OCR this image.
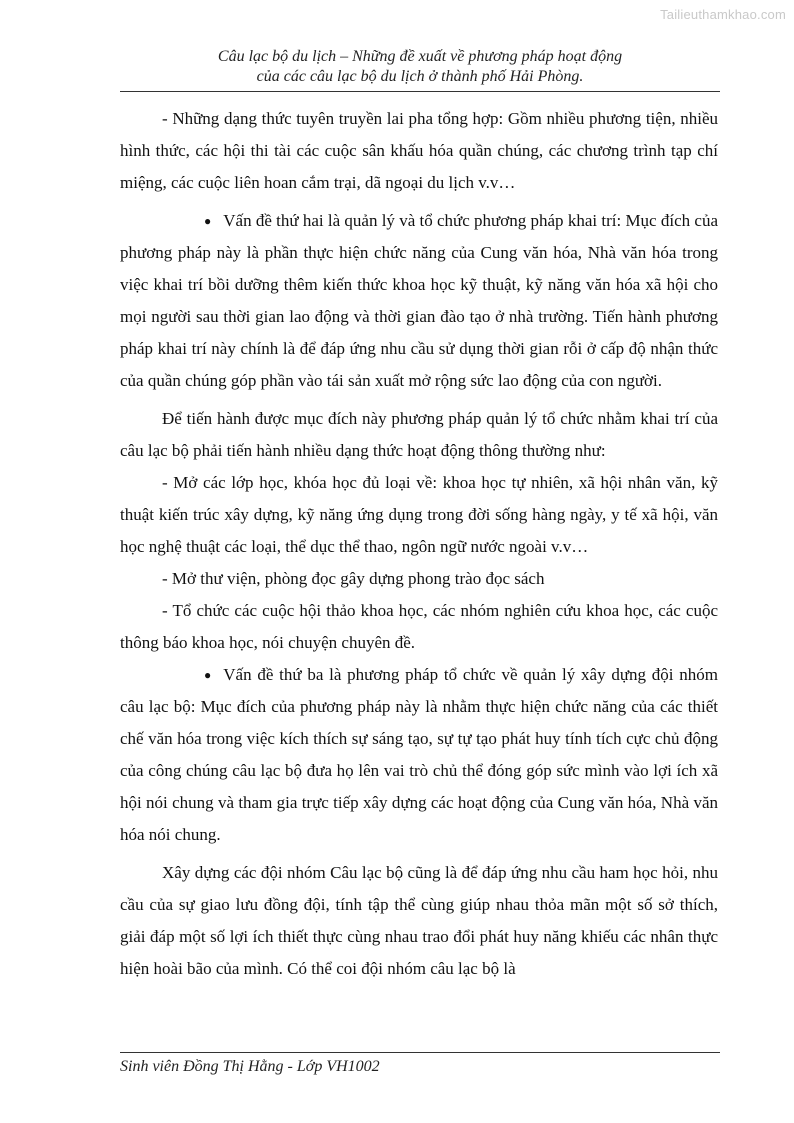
Tailieuthamkhao.com
Câu lạc bộ du lịch – Những đề xuất về phương pháp hoạt động
của các câu lạc bộ du lịch ở thành phố Hải Phòng.

- Những dạng thức tuyên truyền lai pha tổng hợp: Gồm nhiều phương tiện, nhiều hình thức, các hội thi tài các cuộc sân khấu hóa quần chúng, các chương trình tạp chí miệng, các cuộc liên hoan cắm trại, dã ngoại du lịch v.v…

● Vấn đề thứ hai là quản lý và tổ chức phương pháp khai trí: Mục đích của phương pháp này là phần thực hiện chức năng của Cung văn hóa, Nhà văn hóa trong việc khai trí bồi dưỡng thêm kiến thức khoa học kỹ thuật, kỹ năng văn hóa xã hội cho mọi người sau thời gian lao động và thời gian đào tạo ở nhà trường. Tiến hành phương pháp khai trí này chính là để đáp ứng nhu cầu sử dụng thời gian rỗi ở cấp độ nhận thức của quần chúng góp phần vào tái sản xuất mở rộng sức lao động của con người.

Để tiến hành được mục đích này phương pháp quản lý tổ chức nhằm khai trí của câu lạc bộ phải tiến hành nhiều dạng thức hoạt động thông thường như:

- Mở các lớp học, khóa học đủ loại về: khoa học tự nhiên, xã hội nhân văn, kỹ thuật kiến trúc xây dựng, kỹ năng ứng dụng trong đời sống hàng ngày, y tế xã hội, văn học nghệ thuật các loại, thể dục thể thao, ngôn ngữ nước ngoài v.v…

- Mở thư viện, phòng đọc gây dựng phong trào đọc sách

- Tổ chức các cuộc hội thảo khoa học, các nhóm nghiên cứu khoa học, các cuộc thông báo khoa học, nói chuyện chuyên đề.

● Vấn đề thứ ba là phương pháp tổ chức về quản lý xây dựng đội nhóm câu lạc bộ: Mục đích của phương pháp này là nhằm thực hiện chức năng của các thiết chế văn hóa trong việc kích thích sự sáng tạo, sự tự tạo phát huy tính tích cực chủ động của công chúng câu lạc bộ đưa họ lên vai trò chủ thể đóng góp sức mình vào lợi ích xã hội nói chung và tham gia trực tiếp xây dựng các hoạt động của Cung văn hóa, Nhà văn hóa nói chung.

Xây dựng các đội nhóm Câu lạc bộ cũng là để đáp ứng nhu cầu ham học hỏi, nhu cầu của sự giao lưu đồng đội, tính tập thể cùng giúp nhau thỏa mãn một số sở thích, giải đáp một số lợi ích thiết thực cùng nhau trao đổi phát huy năng khiếu các nhân thực hiện hoài bão của mình. Có thể coi đội nhóm câu lạc bộ là

Sinh viên Đồng Thị Hằng - Lớp VH1002
